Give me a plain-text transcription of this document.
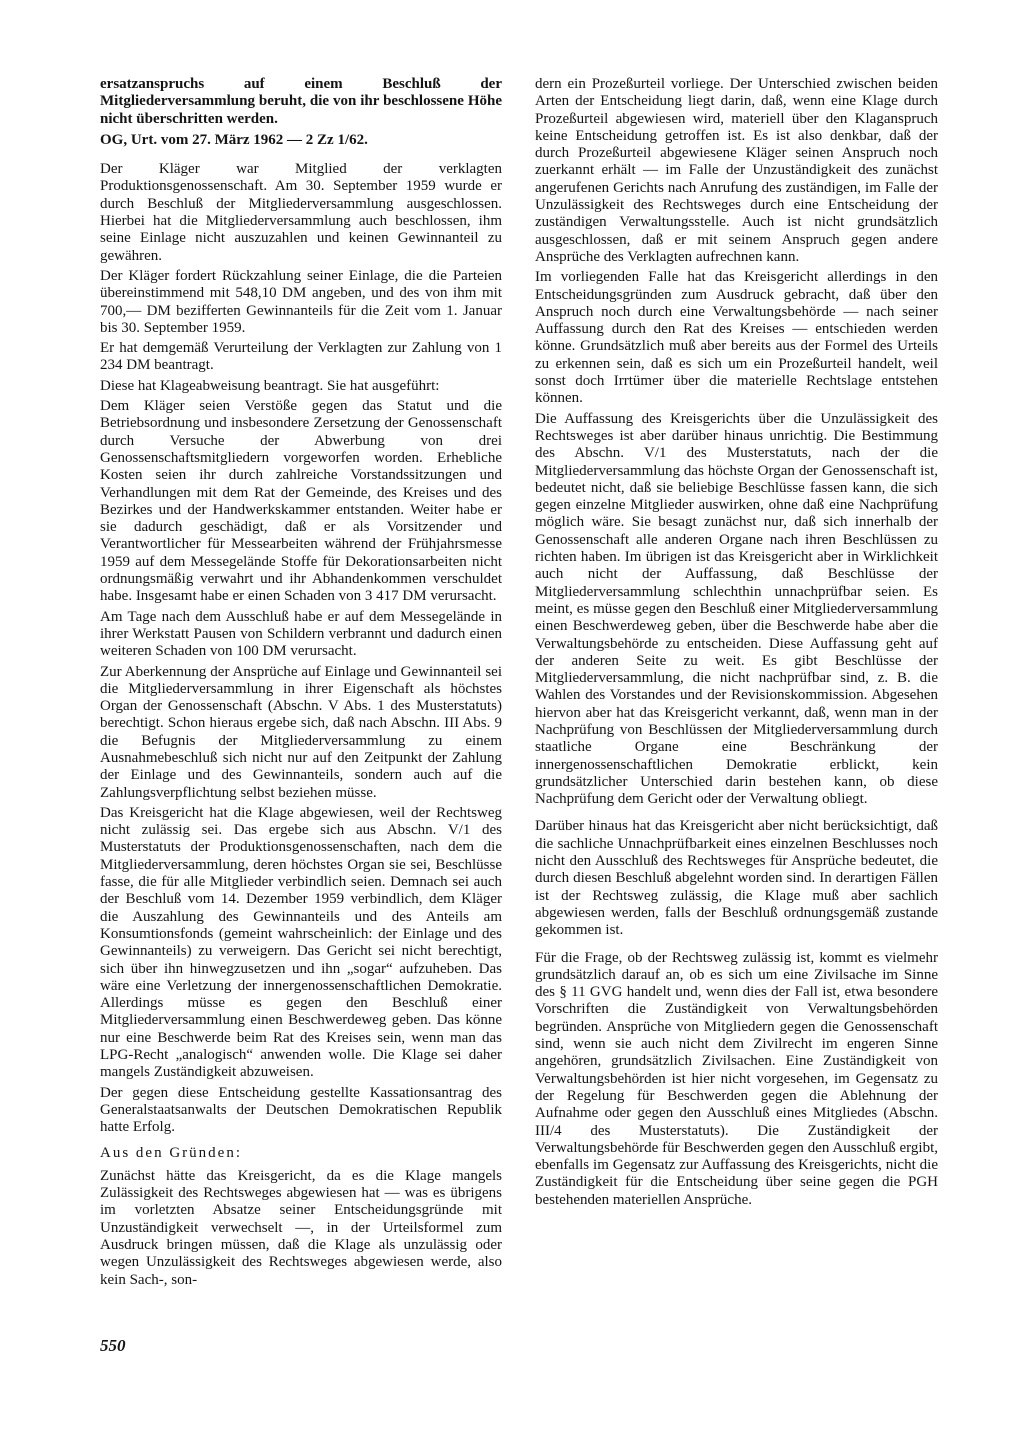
ersatzanspruchs auf einem Beschluß der Mitgliederversammlung beruht, die von ihr beschlossene Höhe nicht überschritten werden.

OG, Urt. vom 27. März 1962 — 2 Zz 1/62.

Der Kläger war Mitglied der verklagten Produktionsgenossenschaft. Am 30. September 1959 wurde er durch Beschluß der Mitgliederversammlung ausgeschlossen. Hierbei hat die Mitgliederversammlung auch beschlossen, ihm seine Einlage nicht auszuzahlen und keinen Gewinnanteil zu gewähren.

Der Kläger fordert Rückzahlung seiner Einlage, die die Parteien übereinstimmend mit 548,10 DM angeben, und des von ihm mit 700,— DM bezifferten Gewinnanteils für die Zeit vom 1. Januar bis 30. September 1959.

Er hat demgemäß Verurteilung der Verklagten zur Zahlung von 1 234 DM beantragt.

Diese hat Klageabweisung beantragt. Sie hat ausgeführt:

Dem Kläger seien Verstöße gegen das Statut und die Betriebsordnung und insbesondere Zersetzung der Genossenschaft durch Versuche der Abwerbung von drei Genossenschaftsmitgliedern vorgeworfen worden. Erhebliche Kosten seien ihr durch zahlreiche Vorstandssitzungen und Verhandlungen mit dem Rat der Gemeinde, des Kreises und des Bezirkes und der Handwerkskammer entstanden. Weiter habe er sie dadurch geschädigt, daß er als Vorsitzender und Verantwortlicher für Messearbeiten während der Frühjahrsmesse 1959 auf dem Messegelände Stoffe für Dekorationsarbeiten nicht ordnungsmäßig verwahrt und ihr Abhandenkommen verschuldet habe. Insgesamt habe er einen Schaden von 3 417 DM verursacht.

Am Tage nach dem Ausschluß habe er auf dem Messegelände in ihrer Werkstatt Pausen von Schildern verbrannt und dadurch einen weiteren Schaden von 100 DM verursacht.

Zur Aberkennung der Ansprüche auf Einlage und Gewinnanteil sei die Mitgliederversammlung in ihrer Eigenschaft als höchstes Organ der Genossenschaft (Abschn. V Abs. 1 des Musterstatuts) berechtigt. Schon hieraus ergebe sich, daß nach Abschn. III Abs. 9 die Befugnis der Mitgliederversammlung zu einem Ausnahmebeschluß sich nicht nur auf den Zeitpunkt der Zahlung der Einlage und des Gewinnanteils, sondern auch auf die Zahlungsverpflichtung selbst beziehen müsse.

Das Kreisgericht hat die Klage abgewiesen, weil der Rechtsweg nicht zulässig sei. Das ergebe sich aus Abschn. V/1 des Musterstatuts der Produktionsgenossenschaften, nach dem die Mitgliederversammlung, deren höchstes Organ sie sei, Beschlüsse fasse, die für alle Mitglieder verbindlich seien. Demnach sei auch der Beschluß vom 14. Dezember 1959 verbindlich, dem Kläger die Auszahlung des Gewinnanteils und des Anteils am Konsumtionsfonds (gemeint wahrscheinlich: der Einlage und des Gewinnanteils) zu verweigern. Das Gericht sei nicht berechtigt, sich über ihn hinwegzusetzen und ihn „sogar“ aufzuheben. Das wäre eine Verletzung der innergenossenschaftlichen Demokratie. Allerdings müsse es gegen den Beschluß einer Mitgliederversammlung einen Beschwerdeweg geben. Das könne nur eine Beschwerde beim Rat des Kreises sein, wenn man das LPG-Recht „analogisch“ anwenden wolle. Die Klage sei daher mangels Zuständigkeit abzuweisen.

Der gegen diese Entscheidung gestellte Kassationsantrag des Generalstaatsanwalts der Deutschen Demokratischen Republik hatte Erfolg.

Aus den Gründen:

Zunächst hätte das Kreisgericht, da es die Klage mangels Zulässigkeit des Rechtsweges abgewiesen hat — was es übrigens im vorletzten Absatze seiner Entscheidungsgründe mit Unzuständigkeit verwechselt —, in der Urteilsformel zum Ausdruck bringen müssen, daß die Klage als unzulässig oder wegen Unzulässigkeit des Rechtsweges abgewiesen werde, also kein Sach-, son-

dern ein Prozeßurteil vorliege. Der Unterschied zwischen beiden Arten der Entscheidung liegt darin, daß, wenn eine Klage durch Prozeßurteil abgewiesen wird, materiell über den Klaganspruch keine Entscheidung getroffen ist. Es ist also denkbar, daß der durch Prozeßurteil abgewiesene Kläger seinen Anspruch noch zuerkannt erhält — im Falle der Unzuständigkeit des zunächst angerufenen Gerichts nach Anrufung des zuständigen, im Falle der Unzulässigkeit des Rechtsweges durch eine Entscheidung der zuständigen Verwaltungsstelle. Auch ist nicht grundsätzlich ausgeschlossen, daß er mit seinem Anspruch gegen andere Ansprüche des Verklagten aufrechnen kann.

Im vorliegenden Falle hat das Kreisgericht allerdings in den Entscheidungsgründen zum Ausdruck gebracht, daß über den Anspruch noch durch eine Verwaltungsbehörde — nach seiner Auffassung durch den Rat des Kreises — entschieden werden könne. Grundsätzlich muß aber bereits aus der Formel des Urteils zu erkennen sein, daß es sich um ein Prozeßurteil handelt, weil sonst doch Irrtümer über die materielle Rechtslage entstehen können.

Die Auffassung des Kreisgerichts über die Unzulässigkeit des Rechtsweges ist aber darüber hinaus unrichtig. Die Bestimmung des Abschn. V/1 des Musterstatuts, nach der die Mitgliederversammlung das höchste Organ der Genossenschaft ist, bedeutet nicht, daß sie beliebige Beschlüsse fassen kann, die sich gegen einzelne Mitglieder auswirken, ohne daß eine Nachprüfung möglich wäre. Sie besagt zunächst nur, daß sich innerhalb der Genossenschaft alle anderen Organe nach ihren Beschlüssen zu richten haben. Im übrigen ist das Kreisgericht aber in Wirklichkeit auch nicht der Auffassung, daß Beschlüsse der Mitgliederversammlung schlechthin unnachprüfbar seien. Es meint, es müsse gegen den Beschluß einer Mitgliederversammlung einen Beschwerdeweg geben, über die Beschwerde habe aber die Verwaltungsbehörde zu entscheiden. Diese Auffassung geht auf der anderen Seite zu weit. Es gibt Beschlüsse der Mitgliederversammlung, die nicht nachprüfbar sind, z. B. die Wahlen des Vorstandes und der Revisionskommission. Abgesehen hiervon aber hat das Kreisgericht verkannt, daß, wenn man in der Nachprüfung von Beschlüssen der Mitgliederversammlung durch staatliche Organe eine Beschränkung der innergenossenschaftlichen Demokratie erblickt, kein grundsätzlicher Unterschied darin bestehen kann, ob diese Nachprüfung dem Gericht oder der Verwaltung obliegt.

Darüber hinaus hat das Kreisgericht aber nicht berücksichtigt, daß die sachliche Unnachprüfbarkeit eines einzelnen Beschlusses noch nicht den Ausschluß des Rechtsweges für Ansprüche bedeutet, die durch diesen Beschluß abgelehnt worden sind. In derartigen Fällen ist der Rechtsweg zulässig, die Klage muß aber sachlich abgewiesen werden, falls der Beschluß ordnungsgemäß zustande gekommen ist.

Für die Frage, ob der Rechtsweg zulässig ist, kommt es vielmehr grundsätzlich darauf an, ob es sich um eine Zivilsache im Sinne des § 11 GVG handelt und, wenn dies der Fall ist, etwa besondere Vorschriften die Zuständigkeit von Verwaltungsbehörden begründen. Ansprüche von Mitgliedern gegen die Genossenschaft sind, wenn sie auch nicht dem Zivilrecht im engeren Sinne angehören, grundsätzlich Zivilsachen. Eine Zuständigkeit von Verwaltungsbehörden ist hier nicht vorgesehen, im Gegensatz zu der Regelung für Beschwerden gegen die Ablehnung der Aufnahme oder gegen den Ausschluß eines Mitgliedes (Abschn. III/4 des Musterstatuts). Die Zuständigkeit der Verwaltungsbehörde für Beschwerden gegen den Ausschluß ergibt, ebenfalls im Gegensatz zur Auffassung des Kreisgerichts, nicht die Zuständigkeit für die Entscheidung über seine gegen die PGH bestehenden materiellen Ansprüche.

550
